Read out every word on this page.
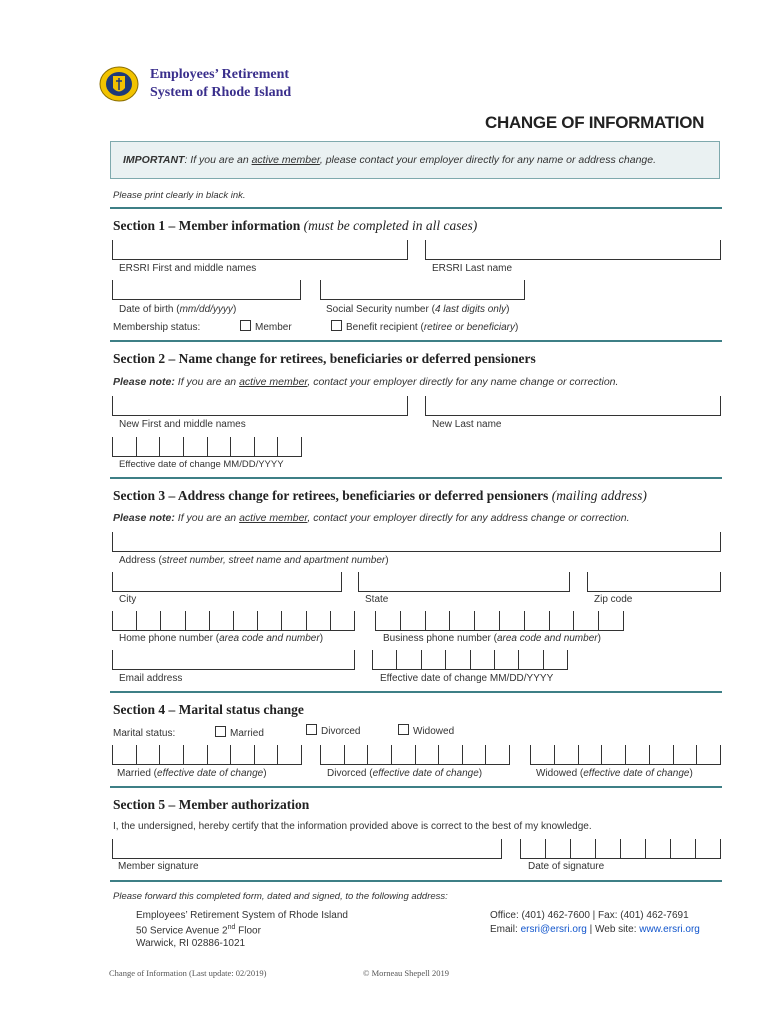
Employees’ Retirement
System of Rhode Island
CHANGE OF INFORMATION
IMPORTANT: If you are an active member, please contact your employer directly for any name or address change.
Please print clearly in black ink.
Section 1 – Member information (must be completed in all cases)
ERSRI First and middle names	ERSRI Last name
Date of birth (mm/dd/yyyy)	Social Security number (4 last digits only)
Membership status:	Member	Benefit recipient (retiree or beneficiary)
Section 2 – Name change for retirees, beneficiaries or deferred pensioners
Please note: If you are an active member, contact your employer directly for any name change or correction.
New First and middle names	New Last name
Effective date of change MM/DD/YYYY
Section 3 – Address change for retirees, beneficiaries or deferred pensioners (mailing address)
Please note: If you are an active member, contact your employer directly for any address change or correction.
Address (street number, street name and apartment number)
City	State	Zip code
Home phone number (area code and number)	Business phone number (area code and number)
Email address	Effective date of change MM/DD/YYYY
Section 4 – Marital status change
Marital status:	Married	Divorced	Widowed
Married (effective date of change)	Divorced (effective date of change)	Widowed (effective date of change)
Section 5 – Member authorization
I, the undersigned, hereby certify that the information provided above is correct to the best of my knowledge.
Member signature	Date of signature
Please forward this completed form, dated and signed, to the following address:
Employees’ Retirement System of Rhode Island
50 Service Avenue 2nd Floor
Warwick, RI 02886-1021
Office: (401) 462-7600 | Fax: (401) 462-7691
Email: ersri@ersri.org | Web site: www.ersri.org
Change of Information (Last update: 02/2019)	© Morneau Shepell 2019
